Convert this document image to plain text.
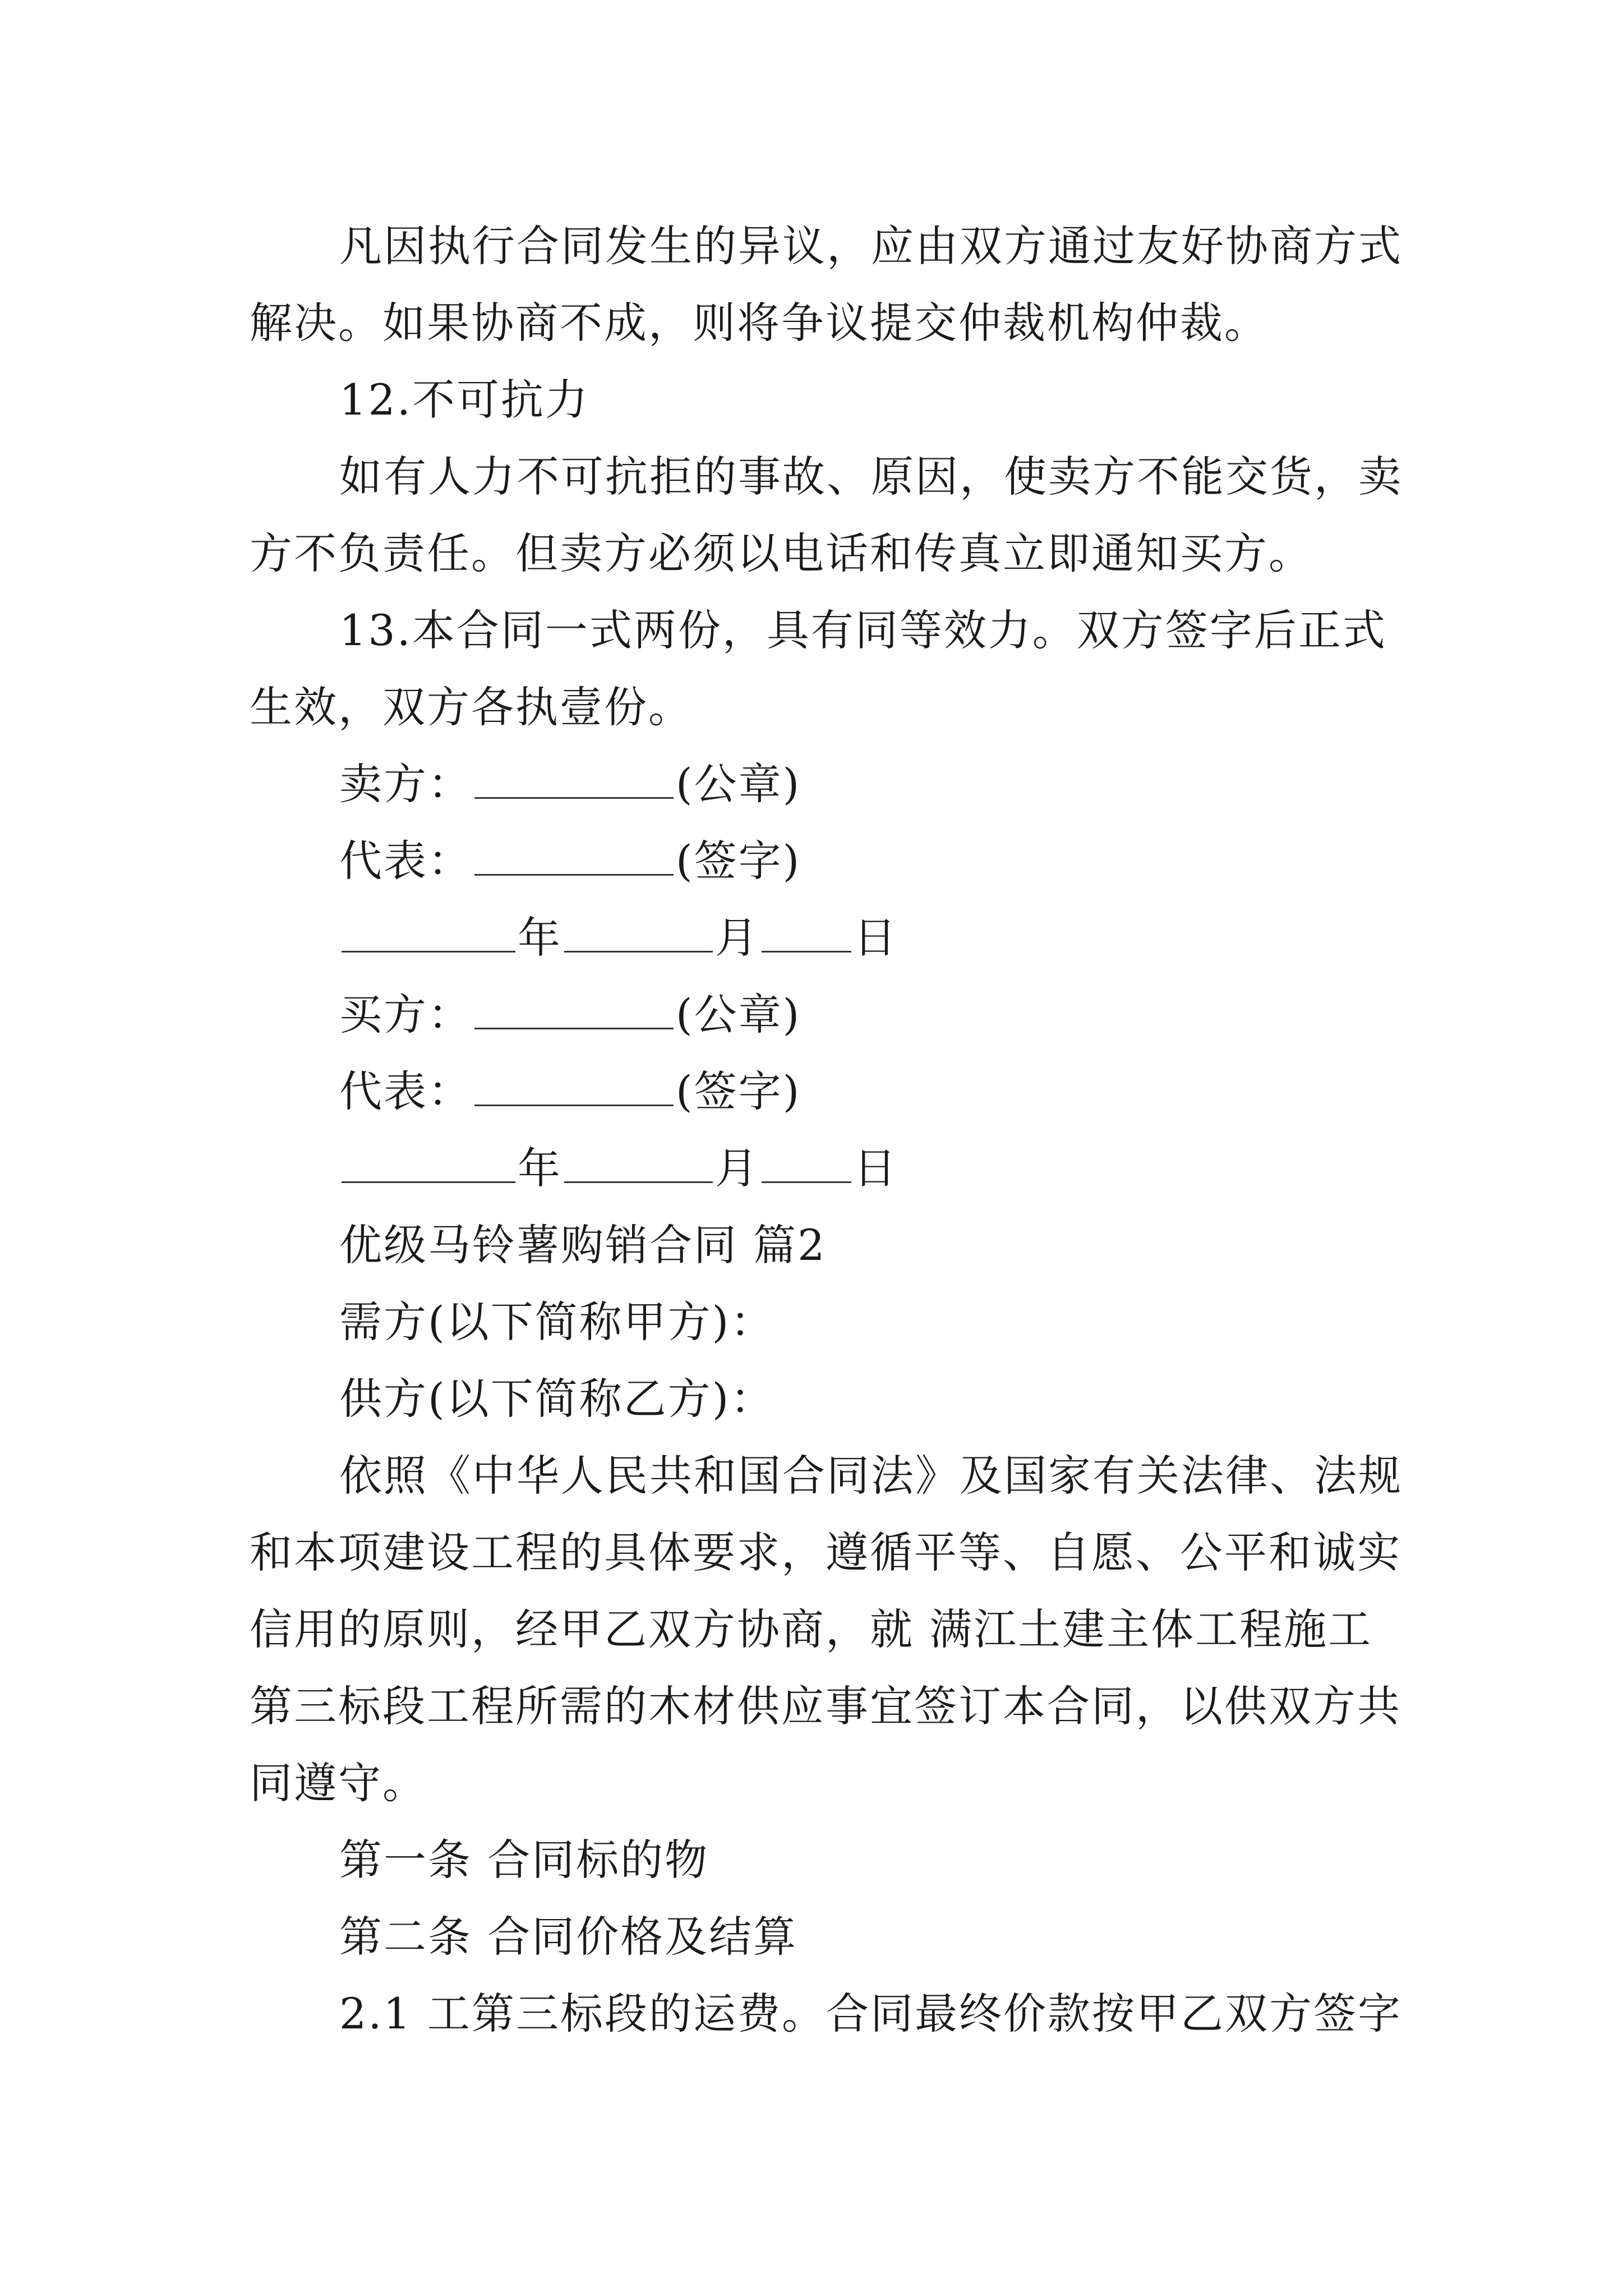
凡因执行合同发生的异议，应由双方通过友好协商方式

解决。如果协商不成，则将争议提交仲裁机构仲裁。

12.不可抗力

如有人力不可抗拒的事故、原因，使卖方不能交货，卖

方不负责任。但卖方必须以电话和传真立即通知买方。

13.本合同一式两份，具有同等效力。双方签字后正式

生效，双方各执壹份。

卖方：	(公章)

代表：	(签字)

年	月 日

买方：	(公章)

代表：	(签字)

年	月 日

优级马铃薯购销合同 篇2

需方(以下简称甲方)：

供方(以下简称乙方)：

依照《中华人民共和国合同法》及国家有关法律、法规

和本项建设工程的具体要求，遵循平等、自愿、公平和诚实

信用的原则，经甲乙双方协商，就 满江土建主体工程施工

第三标段工程所需的木材供应事宜签订本合同，以供双方共

同遵守。

第一条 合同标的物

第二条 合同价格及结算

2.1 工第三标段的运费。合同最终价款按甲乙双方签字
